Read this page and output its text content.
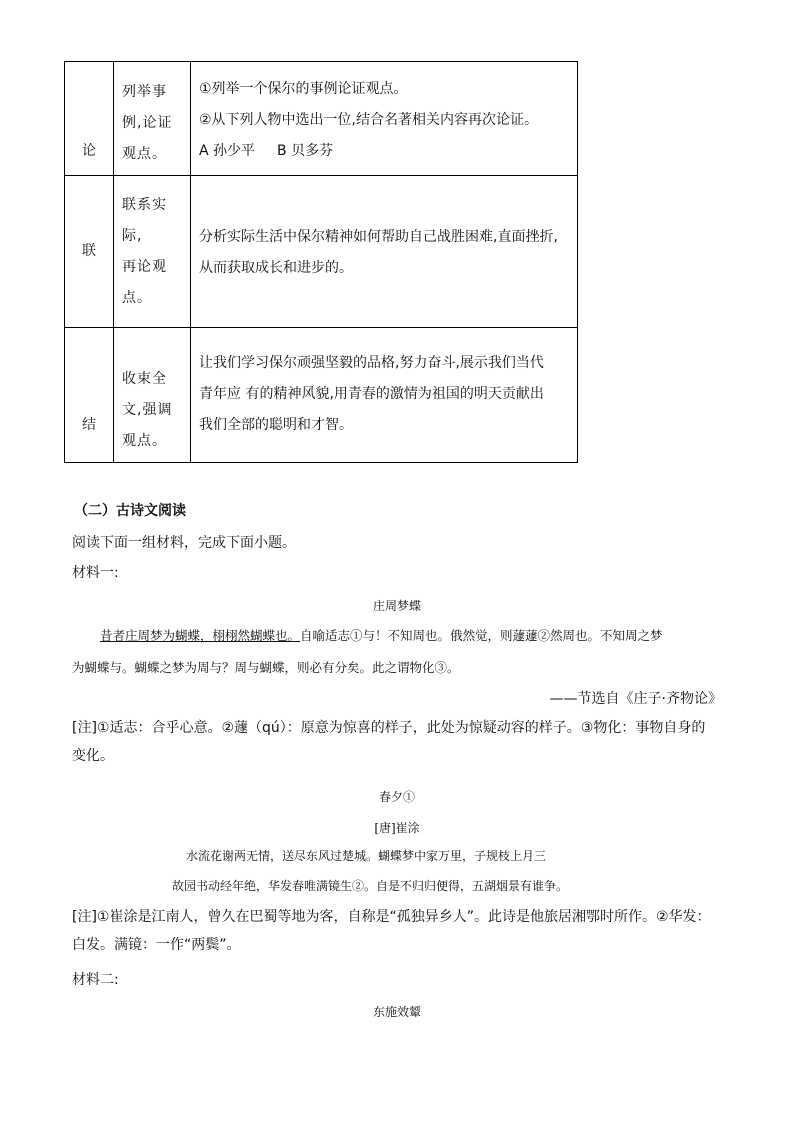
论

列举事

例,论证

观点。

①列举一个保尔的事例论证观点。

②从下列人物中选出一位,结合名著相关内容再次论证。

A 孙少平 B 贝多芬

联

联系实

际,

再论观

点。

分析实际生活中保尔精神如何帮助自己战胜困难,直面挫折,

从而获取成长和进步的。

结

收束全

文,强调

观点。

让我们学习保尔顽强坚毅的品格,努力奋斗,展示我们当代

青年应 有的精神风貌,用青春的激情为祖国的明天贡献出

我们全部的聪明和才智。

（二）古诗文阅读
阅读下面一组材料，完成下面小题。
材料一:
庄周梦蝶
昔者庄周梦为蝴蝶，栩栩然蝴蝶也。自喻适志①与！不知周也。俄然觉，则蘧蘧②然周也。不知周之梦
为蝴蝶与。蝴蝶之梦为周与？周与蝴蝶，则必有分矣。此之谓物化③。
——节选自《庄子·齐物论》
[注]①适志：合乎心意。②蘧（qú）：原意为惊喜的样子，此处为惊疑动容的样子。③物化：事物自身的
变化。
春夕①
[唐]崔涂
水流花谢两无情，送尽东风过楚城。蝴蝶梦中家万里，子规枝上月三
故园书动经年绝，华发春唯满镜生②。自是不归归便得，五湖烟景有谁争。
[注]①崔涂是江南人，曾久在巴蜀等地为客，自称是“孤独异乡人”。此诗是他旅居湘鄂时所作。②华发：
白发。满镜：一作“两鬓”。
材料二:
东施效颦
